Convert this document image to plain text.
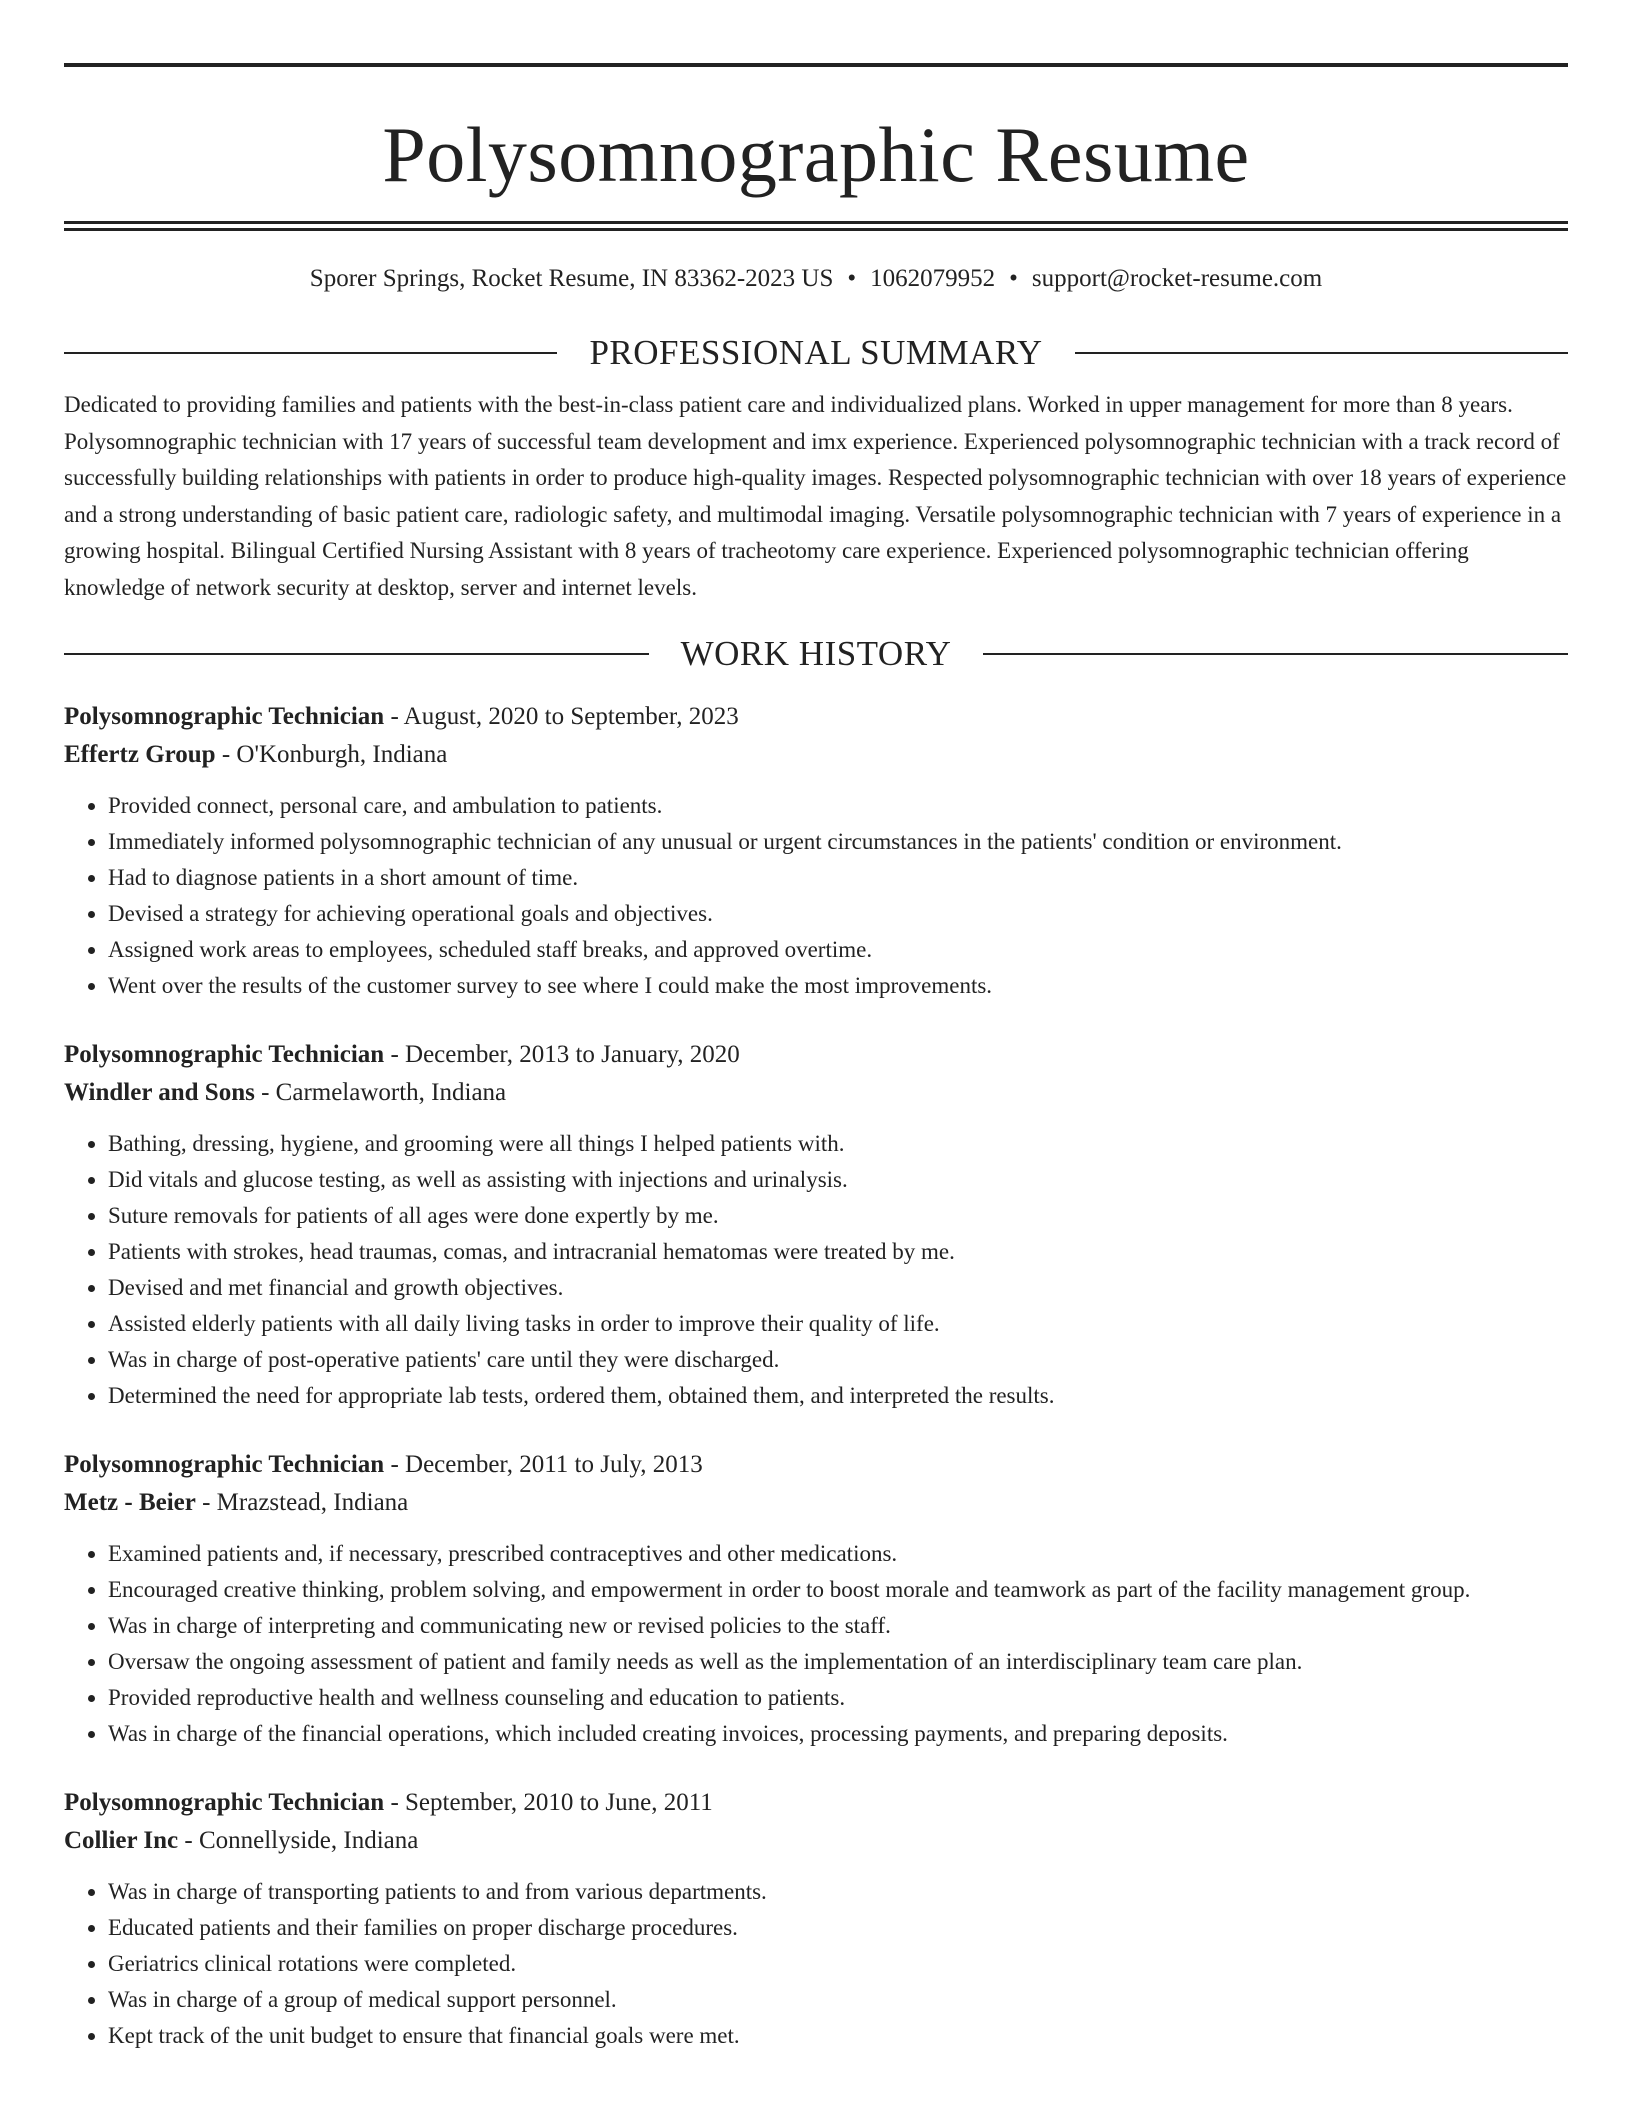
Polysomnographic Resume
Sporer Springs, Rocket Resume, IN 83362-2023 US • 1062079952 • support@rocket-resume.com
PROFESSIONAL SUMMARY
Dedicated to providing families and patients with the best-in-class patient care and individualized plans. Worked in upper management for more than 8 years. Polysomnographic technician with 17 years of successful team development and imx experience. Experienced polysomnographic technician with a track record of successfully building relationships with patients in order to produce high-quality images. Respected polysomnographic technician with over 18 years of experience and a strong understanding of basic patient care, radiologic safety, and multimodal imaging. Versatile polysomnographic technician with 7 years of experience in a growing hospital. Bilingual Certified Nursing Assistant with 8 years of tracheotomy care experience. Experienced polysomnographic technician offering knowledge of network security at desktop, server and internet levels.
WORK HISTORY
Polysomnographic Technician - August, 2020 to September, 2023
Effertz Group - O'Konburgh, Indiana
• Provided connect, personal care, and ambulation to patients.
• Immediately informed polysomnographic technician of any unusual or urgent circumstances in the patients' condition or environment.
• Had to diagnose patients in a short amount of time.
• Devised a strategy for achieving operational goals and objectives.
• Assigned work areas to employees, scheduled staff breaks, and approved overtime.
• Went over the results of the customer survey to see where I could make the most improvements.
Polysomnographic Technician - December, 2013 to January, 2020
Windler and Sons - Carmelaworth, Indiana
• Bathing, dressing, hygiene, and grooming were all things I helped patients with.
• Did vitals and glucose testing, as well as assisting with injections and urinalysis.
• Suture removals for patients of all ages were done expertly by me.
• Patients with strokes, head traumas, comas, and intracranial hematomas were treated by me.
• Devised and met financial and growth objectives.
• Assisted elderly patients with all daily living tasks in order to improve their quality of life.
• Was in charge of post-operative patients' care until they were discharged.
• Determined the need for appropriate lab tests, ordered them, obtained them, and interpreted the results.
Polysomnographic Technician - December, 2011 to July, 2013
Metz - Beier - Mrazstead, Indiana
• Examined patients and, if necessary, prescribed contraceptives and other medications.
• Encouraged creative thinking, problem solving, and empowerment in order to boost morale and teamwork as part of the facility management group.
• Was in charge of interpreting and communicating new or revised policies to the staff.
• Oversaw the ongoing assessment of patient and family needs as well as the implementation of an interdisciplinary team care plan.
• Provided reproductive health and wellness counseling and education to patients.
• Was in charge of the financial operations, which included creating invoices, processing payments, and preparing deposits.
Polysomnographic Technician - September, 2010 to June, 2011
Collier Inc - Connellyside, Indiana
• Was in charge of transporting patients to and from various departments.
• Educated patients and their families on proper discharge procedures.
• Geriatrics clinical rotations were completed.
• Was in charge of a group of medical support personnel.
• Kept track of the unit budget to ensure that financial goals were met.
